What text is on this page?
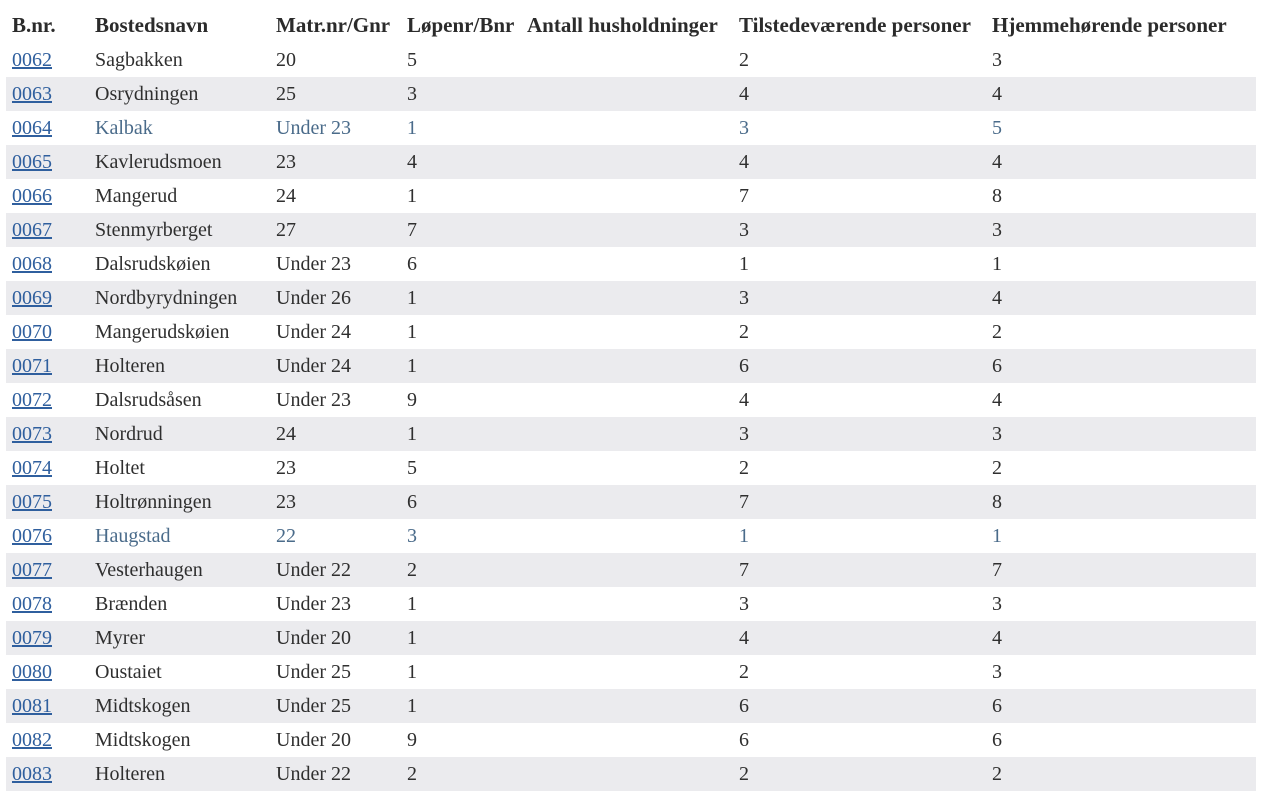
B.nr.	Bostedsnavn	Matr.nr/Gnr	Løpenr/Bnr	Antall husholdninger	Tilstedeværende personer	Hjemmehørende personer
0062	Sagbakken	20	5		2	3
0063	Osrydningen	25	3		4	4
0064	Kalbak	Under 23	1		3	5
0065	Kavlerudsmoen	23	4		4	4
0066	Mangerud	24	1		7	8
0067	Stenmyrberget	27	7		3	3
0068	Dalsrudskøien	Under 23	6		1	1
0069	Nordbyrydningen	Under 26	1		3	4
0070	Mangerudskøien	Under 24	1		2	2
0071	Holteren	Under 24	1		6	6
0072	Dalsrudsåsen	Under 23	9		4	4
0073	Nordrud	24	1		3	3
0074	Holtet	23	5		2	2
0075	Holtrønningen	23	6		7	8
0076	Haugstad	22	3		1	1
0077	Vesterhaugen	Under 22	2		7	7
0078	Brænden	Under 23	1		3	3
0079	Myrer	Under 20	1		4	4
0080	Oustaiet	Under 25	1		2	3
0081	Midtskogen	Under 25	1		6	6
0082	Midtskogen	Under 20	9		6	6
0083	Holteren	Under 22	2		2	2
